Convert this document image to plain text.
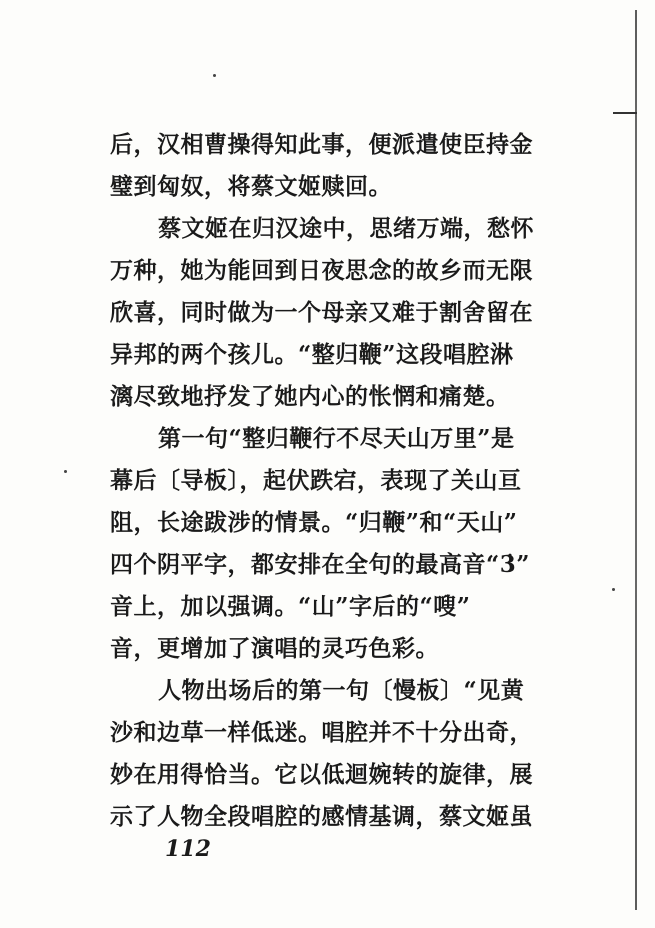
后，汉相曹操得知此事，便派遣使臣持金
璧到匈奴，将蔡文姬赎回。
蔡文姬在归汉途中，思绪万端，愁怀
万种，她为能回到日夜思念的故乡而无限
欣喜，同时做为一个母亲又难于割舍留在
异邦的两个孩儿。“整归鞭”这段唱腔淋
漓尽致地抒发了她内心的怅惘和痛楚。
第一句“整归鞭行不尽天山万里”是
幕后〔导板〕，起伏跌宕，表现了关山亘
阻，长途跋涉的情景。“归鞭”和“天山”
四个阴平字，都安排在全句的最高音“3̇”
音上，加以强调。“山”字后的“嗖”
音，更增加了演唱的灵巧色彩。
人物出场后的第一句〔慢板〕“见黄
沙和边草一样低迷。唱腔并不十分出奇，
妙在用得恰当。它以低迴婉转的旋律，展
示了人物全段唱腔的感情基调，蔡文姬虽
112
